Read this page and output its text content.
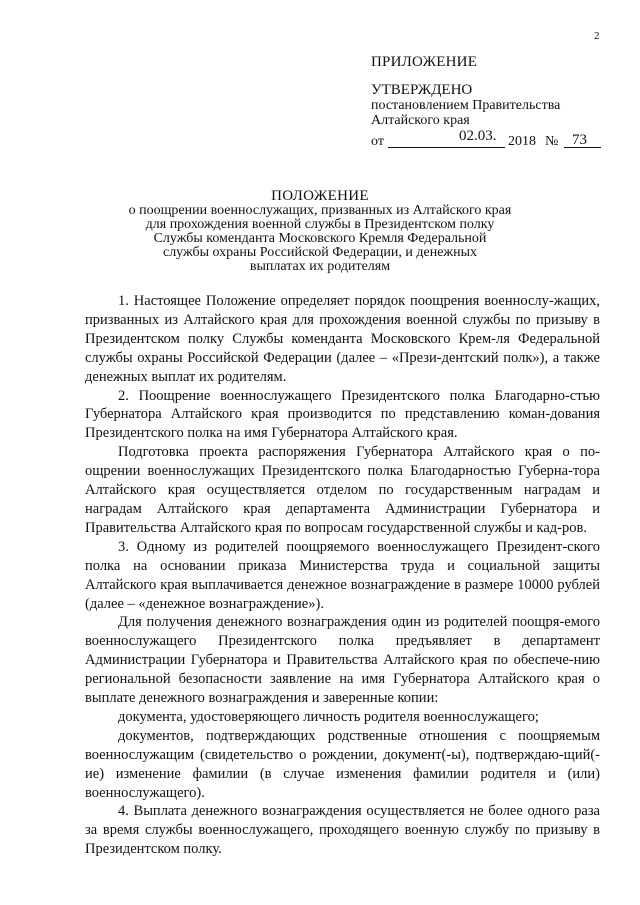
2
ПРИЛОЖЕНИЕ
УТВЕРЖДЕНО
постановлением Правительства
Алтайского края
от	02.03. 2018 № 73
ПОЛОЖЕНИЕ
о поощрении военнослужащих, призванных из Алтайского края
для прохождения военной службы в Президентском полку
Службы коменданта Московского Кремля Федеральной
службы охраны Российской Федерации, и денежных
выплатах их родителям

1. Настоящее Положение определяет порядок поощрения военнослу-жащих, призванных из Алтайского края для прохождения военной службы по призыву в Президентском полку Службы коменданта Московского Крем-ля Федеральной службы охраны Российской Федерации (далее – «Прези-дентский полк»), а также денежных выплат их родителям.

2. Поощрение военнослужащего Президентского полка Благодарно-стью Губернатора Алтайского края производится по представлению коман-дования Президентского полка на имя Губернатора Алтайского края.

Подготовка проекта распоряжения Губернатора Алтайского края о по-ощрении военнослужащих Президентского полка Благодарностью Губерна-тора Алтайского края осуществляется отделом по государственным наградам и наградам Алтайского края департамента Администрации Губернатора и Правительства Алтайского края по вопросам государственной службы и кад-ров.

3. Одному из родителей поощряемого военнослужащего Президент-ского полка на основании приказа Министерства труда и социальной защиты Алтайского края выплачивается денежное вознаграждение в размере 10000 рублей (далее – «денежное вознаграждение»).

Для получения денежного вознаграждения один из родителей поощря-емого военнослужащего Президентского полка предъявляет в департамент Администрации Губернатора и Правительства Алтайского края по обеспече-нию региональной безопасности заявление на имя Губернатора Алтайского края о выплате денежного вознаграждения и заверенные копии:

документа, удостоверяющего личность родителя военнослужащего;

документов, подтверждающих родственные отношения с поощряемым военнослужащим (свидетельство о рождении, документ(-ы), подтверждаю-щий(-ие) изменение фамилии (в случае изменения фамилии родителя и (или) военнослужащего).

4. Выплата денежного вознаграждения осуществляется не более одного раза за время службы военнослужащего, проходящего военную службу по призыву в Президентском полку.
